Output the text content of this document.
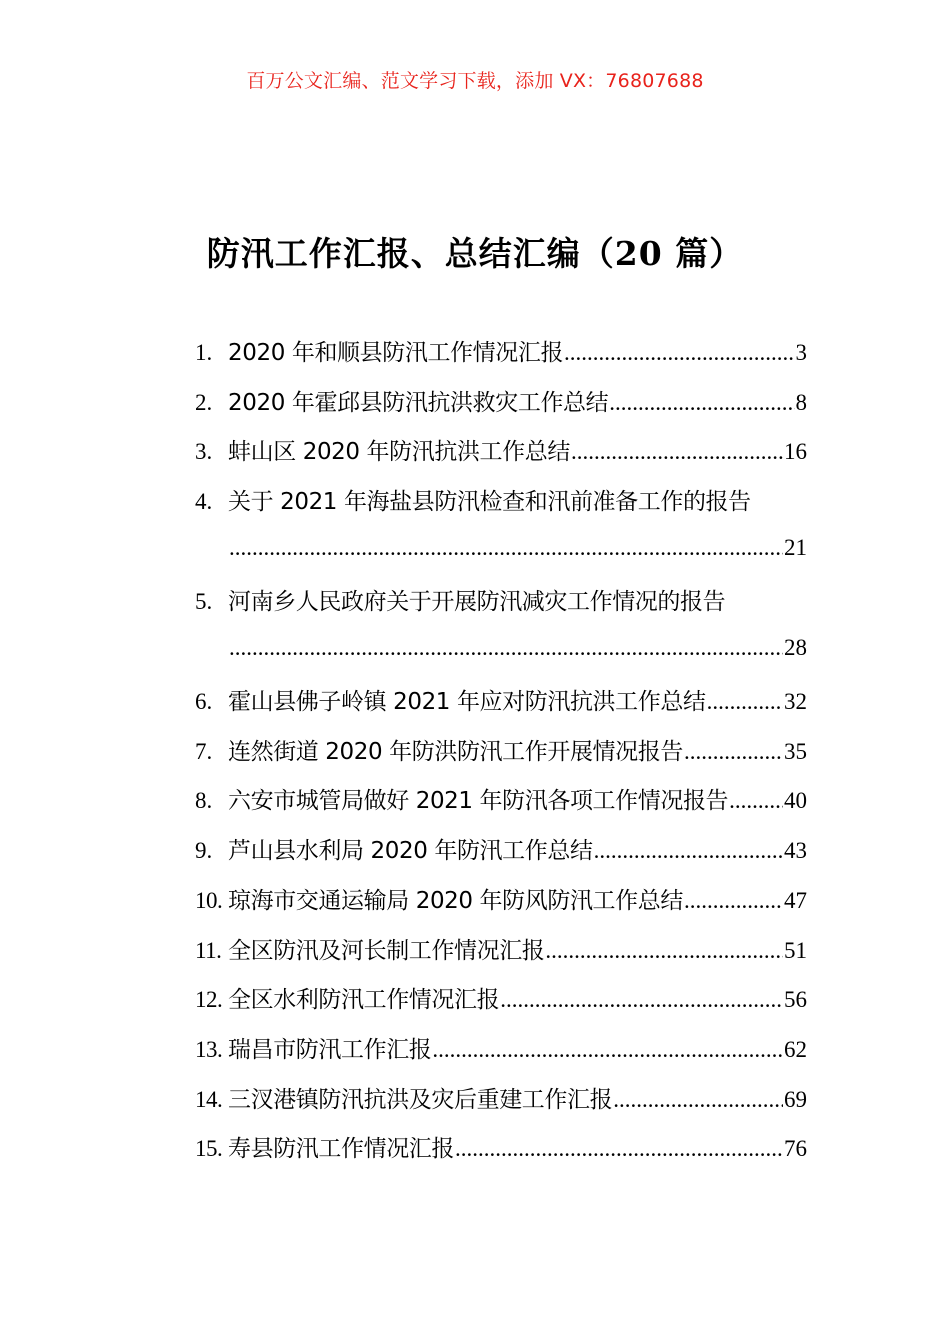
百万公文汇编、范文学习下载，添加 VX：76807688
防汛工作汇报、总结汇编（20 篇）
1. 2020 年和顺县防汛工作情况汇报 .....	3
2. 2020 年霍邱县防汛抗洪救灾工作总结 .....	8
3. 蚌山区 2020 年防汛抗洪工作总结 .....	16
4. 关于 2021 年海盐县防汛检查和汛前准备工作的报告
.....
21
5. 河南乡人民政府关于开展防汛减灾工作情况的报告
.....
28
6. 霍山县佛子岭镇 2021 年应对防汛抗洪工作总结 .....	32
7. 连然街道 2020 年防洪防汛工作开展情况报告 .....	35
8. 六安市城管局做好 2021 年防汛各项工作情况报告 ..... 40
9. 芦山县水利局 2020 年防汛工作总结 .....	43
10. 琼海市交通运输局 2020 年防风防汛工作总结 .....	47
11. 全区防汛及河长制工作情况汇报 .....	51
12. 全区水利防汛工作情况汇报 .....	56
13. 瑞昌市防汛工作汇报 .....	62
14. 三汊港镇防汛抗洪及灾后重建工作汇报 .....	69
15. 寿县防汛工作情况汇报 .....	76
